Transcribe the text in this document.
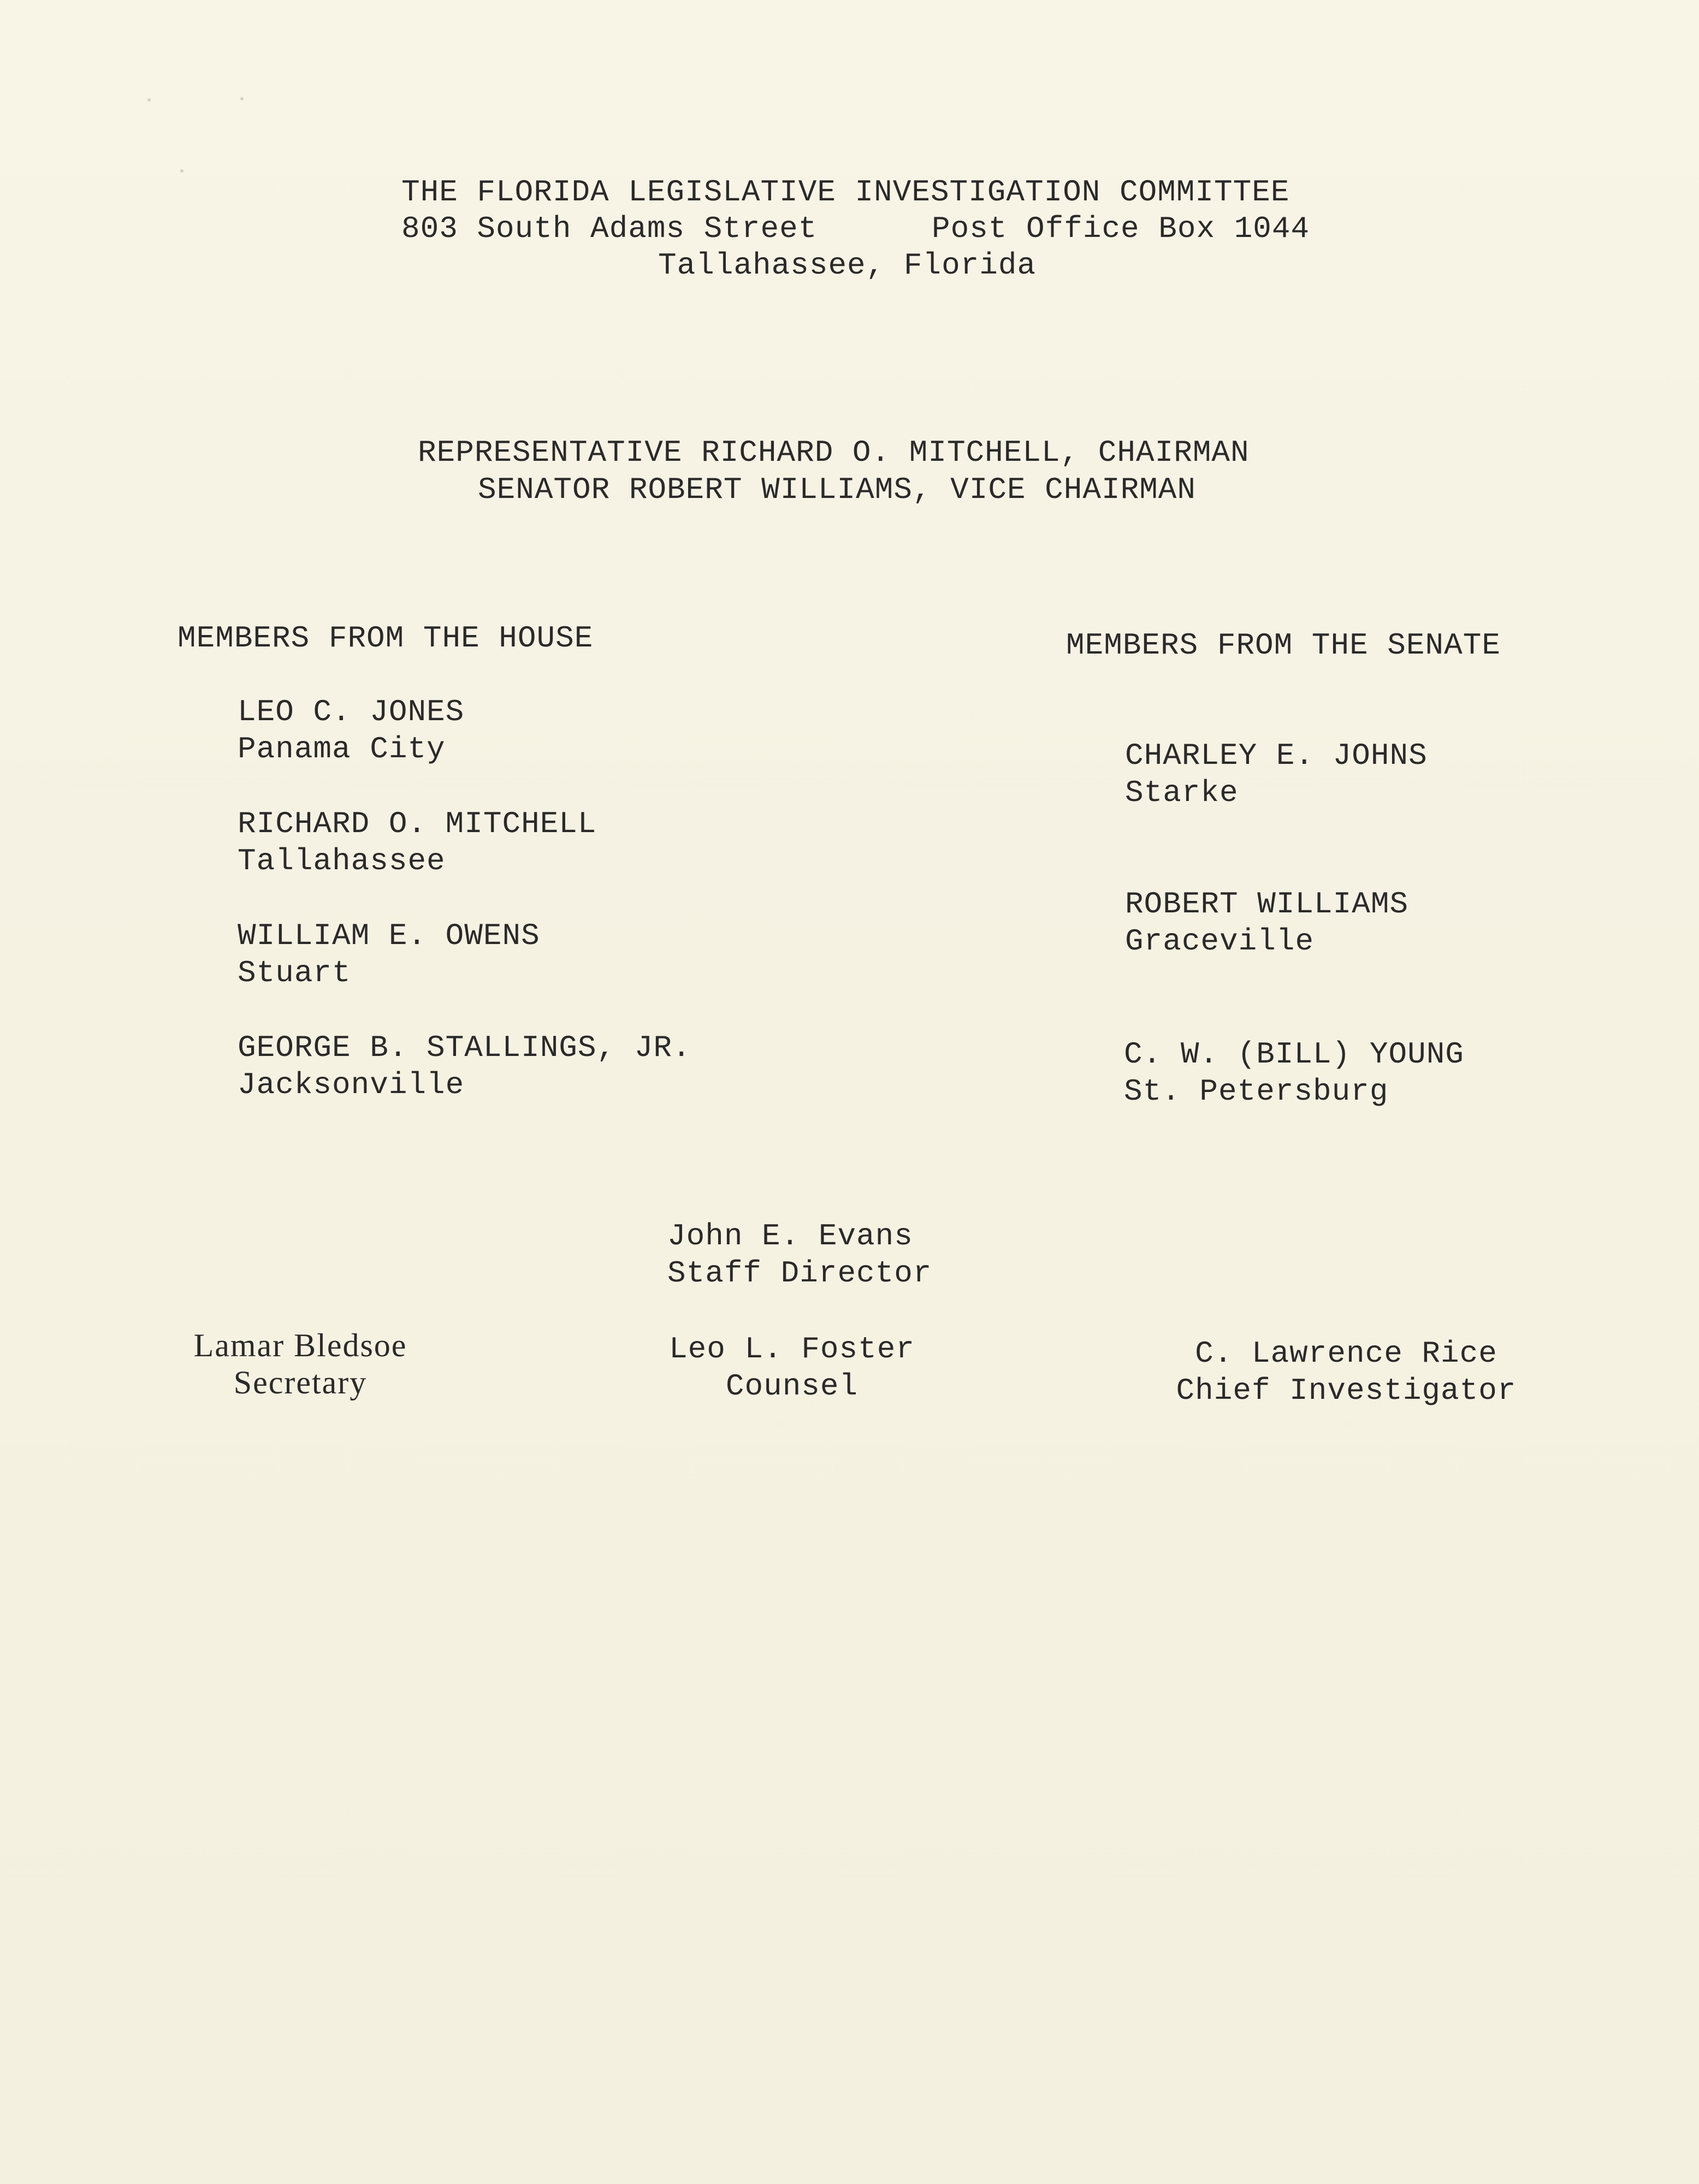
THE FLORIDA LEGISLATIVE INVESTIGATION COMMITTEE
803 South Adams Street	Post Office Box 1044
Tallahassee, Florida
REPRESENTATIVE RICHARD O. MITCHELL, CHAIRMAN
SENATOR ROBERT WILLIAMS, VICE CHAIRMAN
MEMBERS FROM THE HOUSE
LEO C. JONES
Panama City
RICHARD O. MITCHELL
Tallahassee
WILLIAM E. OWENS
Stuart
GEORGE B. STALLINGS, JR.
Jacksonville
MEMBERS FROM THE SENATE
CHARLEY E. JOHNS
Starke
ROBERT WILLIAMS
Graceville
C. W. (BILL) YOUNG
St. Petersburg
John E. Evans
Staff Director
Lamar Bledsoe
Secretary
Leo L. Foster
Counsel
C. Lawrence Rice
Chief Investigator
